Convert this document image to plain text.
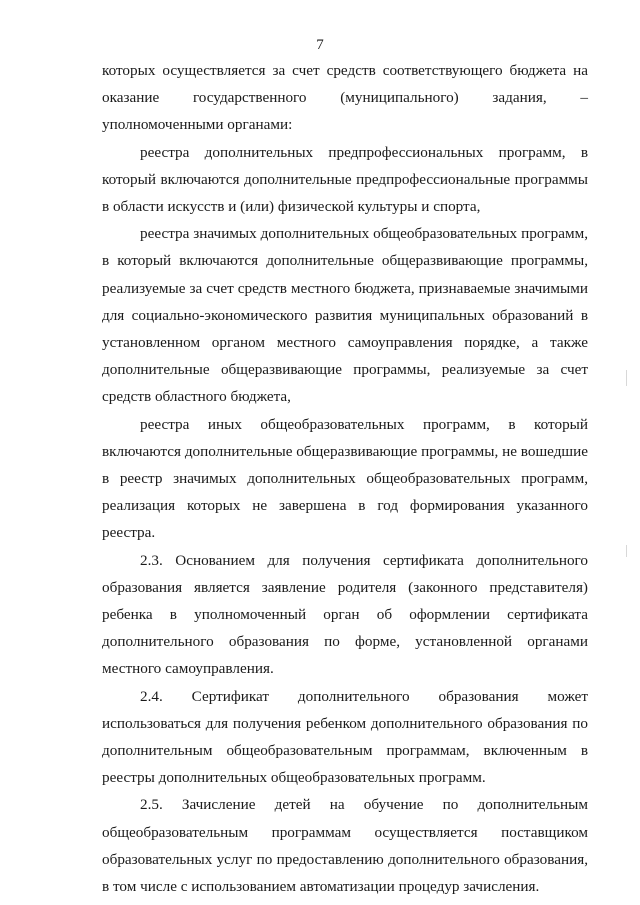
7

которых осуществляется за счет средств соответствующего бюджета на оказание государственного (муниципального) задания, – уполномоченными органами:

реестра дополнительных предпрофессиональных программ, в который включаются дополнительные предпрофессиональные программы в области искусств и (или) физической культуры и спорта,

реестра значимых дополнительных общеобразовательных программ, в который включаются дополнительные общеразвивающие программы, реализуемые за счет средств местного бюджета, признаваемые значимыми для социально-экономического развития муниципальных образований в установленном органом местного самоуправления порядке, а также дополнительные общеразвивающие программы, реализуемые за счет средств областного бюджета,

реестра иных общеобразовательных программ, в который включаются дополнительные общеразвивающие программы, не вошедшие в реестр значимых дополнительных общеобразовательных программ, реализация которых не завершена в год формирования указанного реестра.

2.3. Основанием для получения сертификата дополнительного образования является заявление родителя (законного представителя) ребенка в уполномоченный орган об оформлении сертификата дополнительного образования по форме, установленной органами местного самоуправления.

2.4. Сертификат дополнительного образования может использоваться для получения ребенком дополнительного образования по дополнительным общеобразовательным программам, включенным в реестры дополнительных общеобразовательных программ.

2.5. Зачисление детей на обучение по дополнительным общеобразовательным программам осуществляется поставщиком образовательных услуг по предоставлению дополнительного образования, в том числе с использованием автоматизации процедур зачисления.
